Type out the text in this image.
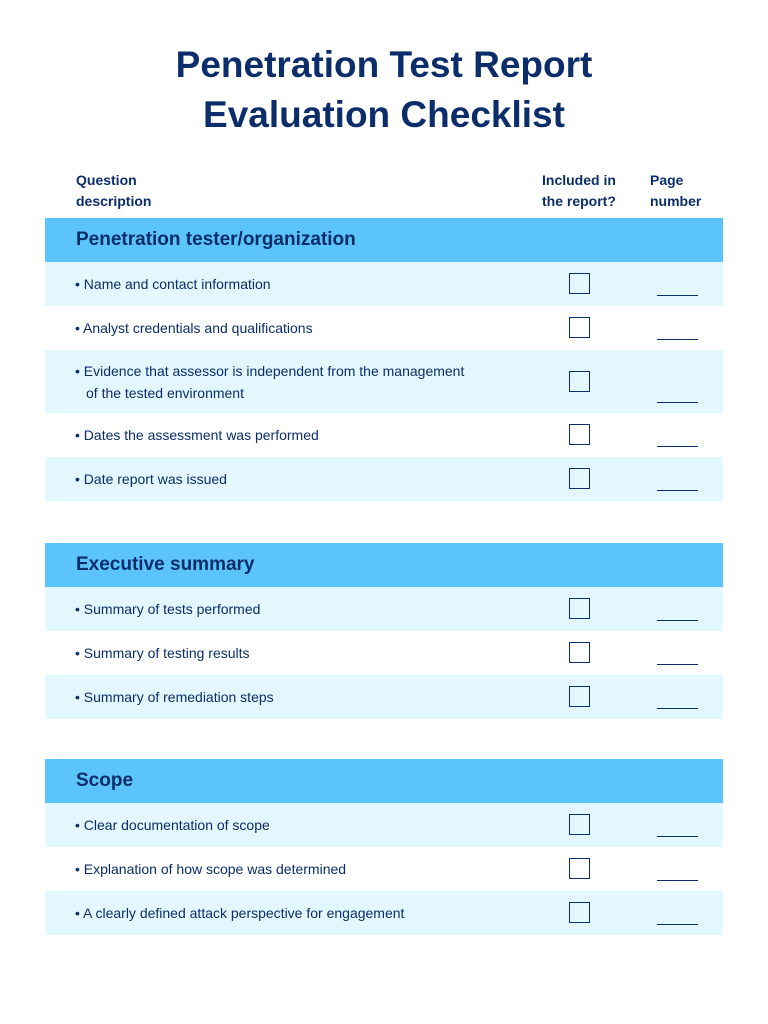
Penetration Test Report
Evaluation Checklist
Question
description
Included in
the report?
Page
number
Penetration tester/organization
• Name and contact information
• Analyst credentials and qualifications
• Evidence that assessor is independent from the management
of the tested environment
• Dates the assessment was performed
• Date report was issued
Executive summary
• Summary of tests performed
• Summary of testing results
• Summary of remediation steps
Scope
• Clear documentation of scope
• Explanation of how scope was determined
• A clearly defined attack perspective for engagement
